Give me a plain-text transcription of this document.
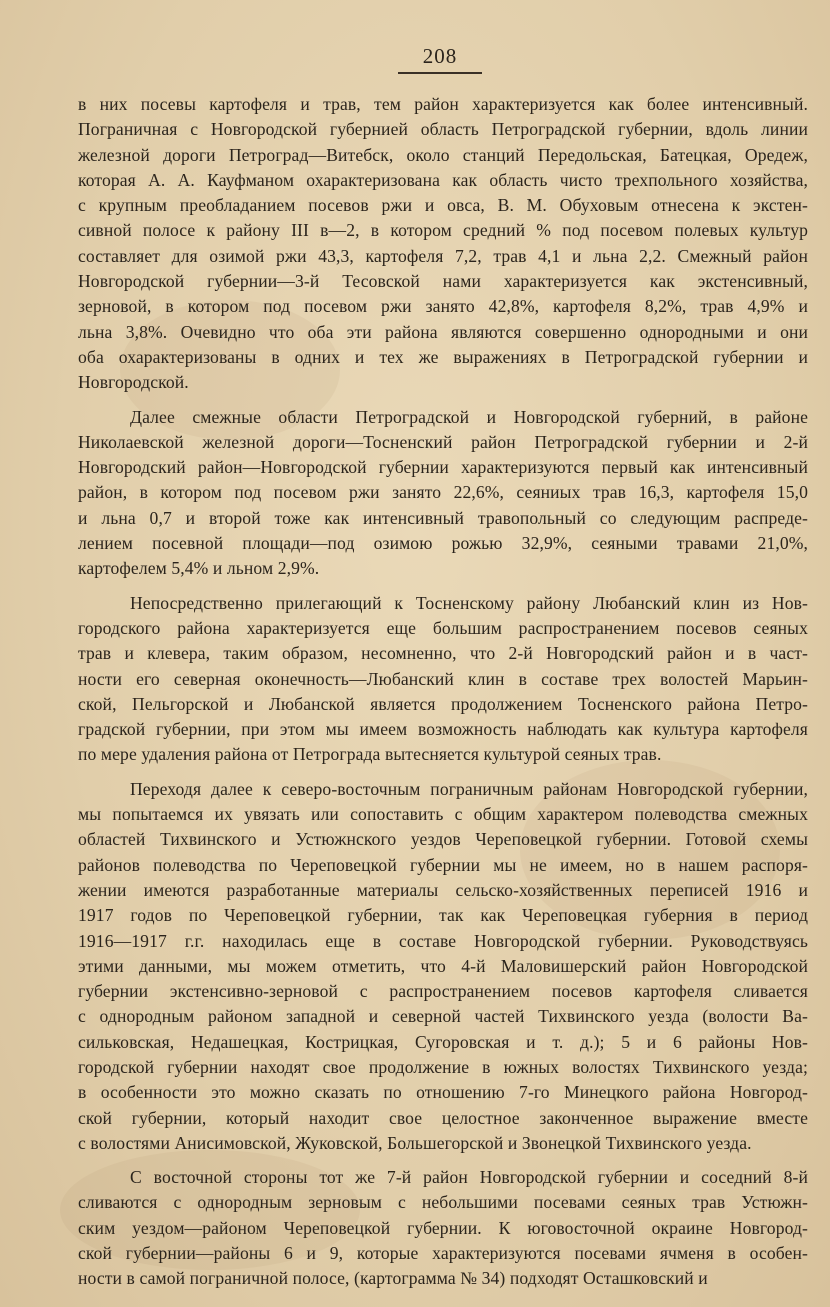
208
в них посевы картофеля и трав, тем район характеризуется как более интенсивный.
Пограничная с Новгородской губернией область Петроградской губернии, вдоль линии
железной дороги Петроград—Витебск, около станций Передольская, Батецкая, Оредеж,
которая А. А. Кауфманом охарактеризована как область чисто трехпольного хозяйства,
с крупным преобладанием посевов ржи и овса, В. М. Обуховым отнесена к экстен-
сивной полосе к району III в—2, в котором средний % под посевом полевых культур
составляет для озимой ржи 43,3, картофеля 7,2, трав 4,1 и льна 2,2. Смежный район
Новгородской губернии—3-й Тесовской нами характеризуется как экстенсивный,
зерновой, в котором под посевом ржи занято 42,8%, картофеля 8,2%, трав 4,9% и
льна 3,8%. Очевидно что оба эти района являются совершенно однородными и они
оба охарактеризованы в одних и тех же выражениях в Петроградской губернии и
Новгородской.
Далее смежные области Петроградской и Новгородской губерний, в районе
Николаевской железной дороги—Тосненский район Петроградской губернии и 2-й
Новгородский район—Новгородской губернии характеризуются первый как интенсивный
район, в котором под посевом ржи занято 22,6%, сеяниых трав 16,3, картофеля 15,0
и льна 0,7 и второй тоже как интенсивный травопольный со следующим распреде-
лением посевной площади—под озимою рожью 32,9%, сеяными травами 21,0%,
картофелем 5,4% и льном 2,9%.
Непосредственно прилегающий к Тосненскому району Любанский клин из Нов-
городского района характеризуется еще большим распространением посевов сеяных
трав и клевера, таким образом, несомненно, что 2-й Новгородский район и в част-
ности его северная оконечность—Любанский клин в составе трех волостей Марьин-
ской, Пельгорской и Любанской является продолжением Тосненского района Петро-
градской губернии, при этом мы имеем возможность наблюдать как культура картофеля
по мере удаления района от Петрограда вытесняется культурой сеяных трав.
Переходя далее к северо-восточным пограничным районам Новгородской губернии,
мы попытаемся их увязать или сопоставить с общим характером полеводства смежных
областей Тихвинского и Устюжнского уездов Череповецкой губернии. Готовой схемы
районов полеводства по Череповецкой губернии мы не имеем, но в нашем распоря-
жении имеются разработанные материалы сельско-хозяйственных переписей 1916 и
1917 годов по Череповецкой губернии, так как Череповецкая губерния в период
1916—1917 г.г. находилась еще в составе Новгородской губернии. Руководствуясь
этими данными, мы можем отметить, что 4-й Маловишерский район Новгородской
губернии экстенсивно-зерновой с распространением посевов картофеля сливается
с однородным районом западной и северной частей Тихвинского уезда (волости Ва-
сильковская, Недашецкая, Кострицкая, Сугоровская и т. д.); 5 и 6 районы Нов-
городской губернии находят свое продолжение в южных волостях Тихвинского уезда;
в особенности это можно сказать по отношению 7-го Минецкого района Новгород-
ской губернии, который находит свое целостное законченное выражение вместе
с волостями Анисимовской, Жуковской, Большегорской и Звонецкой Тихвинского уезда.
С восточной стороны тот же 7-й район Новгородской губернии и соседний 8-й
сливаются с однородным зерновым с небольшими посевами сеяных трав Устюжн-
ским уездом—районом Череповецкой губернии. К юговосточной окраине Новгород-
ской губернии—районы 6 и 9, которые характеризуются посевами ячменя в особен-
ности в самой пограничной полосе, (картограмма № 34) подходят Осташковский и
